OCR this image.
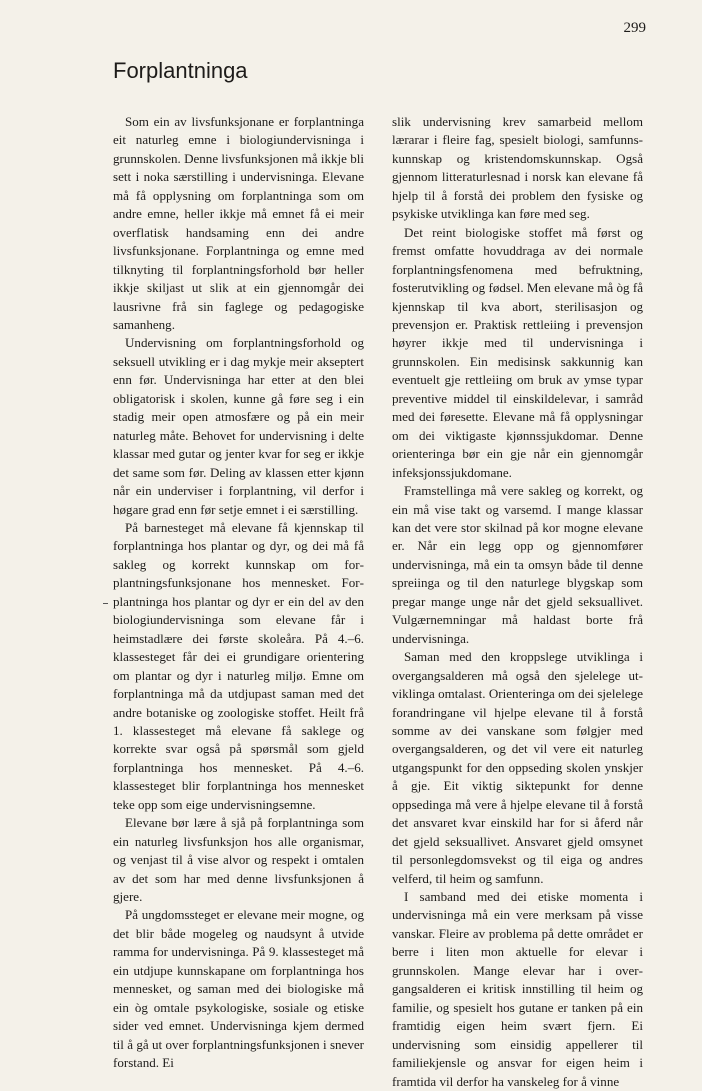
299
Forplantninga

Som ein av livsfunksjonane er forplantninga eit naturleg emne i biologiundervisninga i grunnskolen. Denne livsfunksjonen må ikkje bli sett i noka særstilling i undervisninga. Elevane må få opplysning om forplantninga som om andre emne, heller ikkje må emnet få ei meir overflatisk handsaming enn dei andre livsfunksjonane. Forplantninga og emne med tilknyting til forplantningsforhold bør heller ikkje skiljast ut slik at ein gjennomgår dei lausrivne frå sin faglege og pedagogiske samanheng.

Undervisning om forplantningsforhold og seksuell utvikling er i dag mykje meir akseptert enn før. Undervisninga har etter at den blei obligatorisk i skolen, kunne gå føre seg i ein stadig meir open atmosfære og på ein meir naturleg måte. Behovet for undervisning i delte klassar med gutar og jenter kvar for seg er ikkje det same som før. Deling av klassen etter kjønn når ein underviser i forplantning, vil derfor i høgare grad enn før setje emnet i ei særstilling.

På barnesteget må elevane få kjennskap til forplantninga hos plantar og dyr, og dei må få sakleg og korrekt kunnskap om forplantningsfunksjonane hos mennesket. Forplantninga hos plantar og dyr er ein del av den biologiundervisninga som elevane får i heimstadlære dei første skoleåra. På 4.–6. klassesteget får dei ei grundigare orientering om plantar og dyr i naturleg miljø. Emne om forplantninga må da utdjupast saman med det andre botaniske og zoologiske stoffet. Heilt frå 1. klassesteget må elevane få saklege og korrekte svar også på spørsmål som gjeld forplantninga hos mennesket. På 4.–6. klassesteget blir forplantninga hos mennesket teke opp som eige undervisningsemne.

Elevane bør lære å sjå på forplantninga som ein naturleg livsfunksjon hos alle organismar, og venjast til å vise alvor og respekt i omtalen av det som har med denne livsfunksjonen å gjere.

På ungdomssteget er elevane meir mogne, og det blir både mogeleg og naudsynt å utvide ramma for undervisninga. På 9. klassesteget må ein utdjupe kunnskapane om forplantninga hos mennesket, og saman med dei biologiske må ein òg omtale psykologiske, sosiale og etiske sider ved emnet. Undervisninga kjem dermed til å gå ut over forplantningsfunksjonen i snever forstand. Ei

slik undervisning krev samarbeid mellom lærarar i fleire fag, spesielt biologi, samfunnskunnskap og kristendomskunnskap. Også gjennom litteraturlesnad i norsk kan elevane få hjelp til å forstå dei problem den fysiske og psykiske utviklinga kan føre med seg.

Det reint biologiske stoffet må først og fremst omfatte hovuddraga av dei normale forplantningsfenomena med befruktning, fosterutvikling og fødsel. Men elevane må òg få kjennskap til kva abort, sterilisasjon og prevensjon er. Praktisk rettleiing i prevensjon høyrer ikkje med til undervisninga i grunnskolen. Ein medisinsk sakkunnig kan eventuelt gje rettleiing om bruk av ymse typar preventive middel til einskildelevar, i samråd med dei føresette. Elevane må få opplysningar om dei viktigaste kjønnssjukdomar. Denne orienteringa bør ein gje når ein gjennomgår infeksjonssjukdomane.

Framstellinga må vere sakleg og korrekt, og ein må vise takt og varsemd. I mange klassar kan det vere stor skilnad på kor mogne elevane er. Når ein legg opp og gjennomfører undervisninga, må ein ta omsyn både til denne spreiinga og til den naturlege blygskap som pregar mange unge når det gjeld seksuallivet. Vulgærnemningar må haldast borte frå undervisninga.

Saman med den kroppslege utviklinga i overgangsalderen må også den sjelelege utviklinga omtalast. Orienteringa om dei sjelelege forandringane vil hjelpe elevane til å forstå somme av dei vanskane som følgjer med overgangsalderen, og det vil vere eit naturleg utgangspunkt for den oppseding skolen ynskjer å gje. Eit viktig siktepunkt for denne oppsedinga må vere å hjelpe elevane til å forstå det ansvaret kvar einskild har for si åferd når det gjeld seksuallivet. Ansvaret gjeld omsynet til personlegdomsvekst og til eiga og andres velferd, til heim og samfunn.

I samband med dei etiske momenta i undervisninga må ein vere merksam på visse vanskar. Fleire av problema på dette området er berre i liten mon aktuelle for elevar i grunnskolen. Mange elevar har i overgangsalderen ei kritisk innstilling til heim og familie, og spesielt hos gutane er tanken på ein framtidig eigen heim svært fjern. Ei undervisning som einsidig appellerer til familiekjensle og ansvar for eigen heim i framtida vil derfor ha vanskeleg for å vinne
